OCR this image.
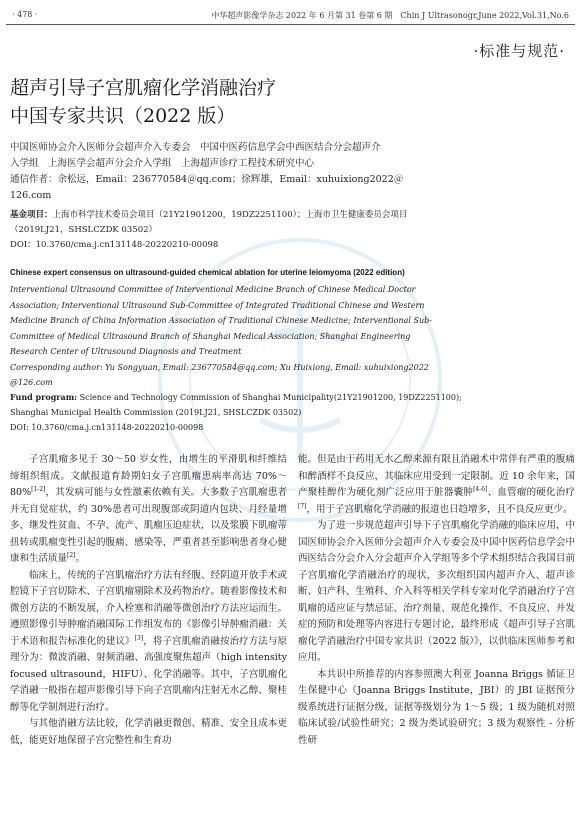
· 478 ·	中华超声影像学杂志 2022 年 6 月第 31 卷第 6 期　Chin J Ultrasonogr,June 2022,Vol.31,No.6
·标准与规范·
超声引导子宫肌瘤化学消融治疗
中国专家共识（2022 版）
中国医师协会介入医师分会超声介入专委会　中国中医药信息学会中西医结合分会超声介
入学组　上海医学会超声分会介入学组　上海超声诊疗工程技术研究中心
通信作者：余松远，Email：236770584＠qq.com；徐辉雄，Email：xuhuixiong2022＠
126.com
基金项目：上海市科学技术委员会项目（21Y21901200，19DZ2251100）；上海市卫生健康委员会项目
（2019LJ21，SHSLCZDK 03502）
DOI：10.3760/cma.j.cn131148-20220210-00098
Chinese expert consensus on ultrasound-guided chemical ablation for uterine leiomyoma (2022 edition)
Interventional Ultrasound Committee of Interventional Medicine Branch of Chinese Medical Doctor
Association; Interventional Ultrasound Sub-Committee of Integrated Traditional Chinese and Western
Medicine Branch of China Information Association of Traditional Chinese Medicine; Interventional Sub-
Committee of Medical Ultrasound Branch of Shanghai Medical Association; Shanghai Engineering
Research Center of Ultrasound Diagnosis and Treatment
Corresponding author: Yu Songyuan, Email: 236770584@qq.com; Xu Huixiong, Email: xuhuixiong2022
@126.com
Fund program: Science and Technology Commission of Shanghai Municipality(21Y21901200, 19DZ2251100);
Shanghai Municipal Health Commission (2019LJ21, SHSLCZDK 03502)
DOI: 10.3760/cma.j.cn131148-20220210-00098

子宫肌瘤多见于 30～50 岁女性，由增生的平滑肌和纤维结缔组织组成。文献报道育龄期妇女子宫肌瘤患病率高达 70%～80%[1-2]，其发病可能与女性激素依赖有关。大多数子宫肌瘤患者并无自觉症状，约 30%患者可出现腹部或阴道内包块、月经量增多、继发性贫血、不孕、流产、肌瘤压迫症状，以及浆膜下肌瘤蒂扭转或肌瘤变性引起的腹痛、感染等，严重者甚至影响患者身心健康和生活质量[2]。

临床上，传统的子宫肌瘤治疗方法有经腹、经阴道开放手术或腔镜下子宫切除术、子宫肌瘤剔除术及药物治疗。随着影像技术和微创方法的不断发展，介入栓塞和消融等微创治疗方法应运而生。遵照影像引导肿瘤消融国际工作组发布的《影像引导肿瘤消融：关于术语和报告标准化的建议》[3]，将子宫肌瘤消融按治疗方法与原理分为：微波消融、射频消融、高强度聚焦超声（high intensity focused ultrasound，HIFU）、化学消融等。其中，子宫肌瘤化学消融一般指在超声影像引导下向子宫肌瘤内注射无水乙醇、聚桂醇等化学制剂进行治疗。

与其他消融方法比较，化学消融更微创、精准、安全且成本更低，能更好地保留子宫完整性和生育功

能。但是由于药用无水乙醇来源有限且消融术中常伴有严重的腹痛和醉酒样不良反应，其临床应用受到一定限制。近 10 余年来，国产聚桂醇作为硬化剂广泛应用于脏器囊肿[4-6]、血管瘤的硬化治疗[7]，用于子宫肌瘤化学消融的报道也日趋增多，且不良反应更少。

为了进一步规范超声引导下子宫肌瘤化学消融的临床应用，中国医师协会介入医师分会超声介入专委会及中国中医药信息学会中西医结合分会介入分会超声介入学组等多个学术组织结合我国目前子宫肌瘤化学消融治疗的现状，多次组织国内超声介入、超声诊断、妇产科、生殖科、介入科等相关学科专家对化学消融治疗子宫肌瘤的适应证与禁忌证、治疗剂量、规范化操作、不良反应、并发症的预防和处理等内容进行专题讨论，最终形成《超声引导子宫肌瘤化学消融治疗中国专家共识（2022 版）》，以供临床医师参考和应用。

本共识中所推荐的内容参照澳大利亚 Joanna Briggs 循证卫生保健中心（Joanna Briggs Institute，JBI）的 JBI 证据预分级系统进行证据分级，证据等级划分为 1～5 级；1 级为随机对照临床试验/试验性研究；2 级为类试验研究；3 级为观察性 - 分析性研
